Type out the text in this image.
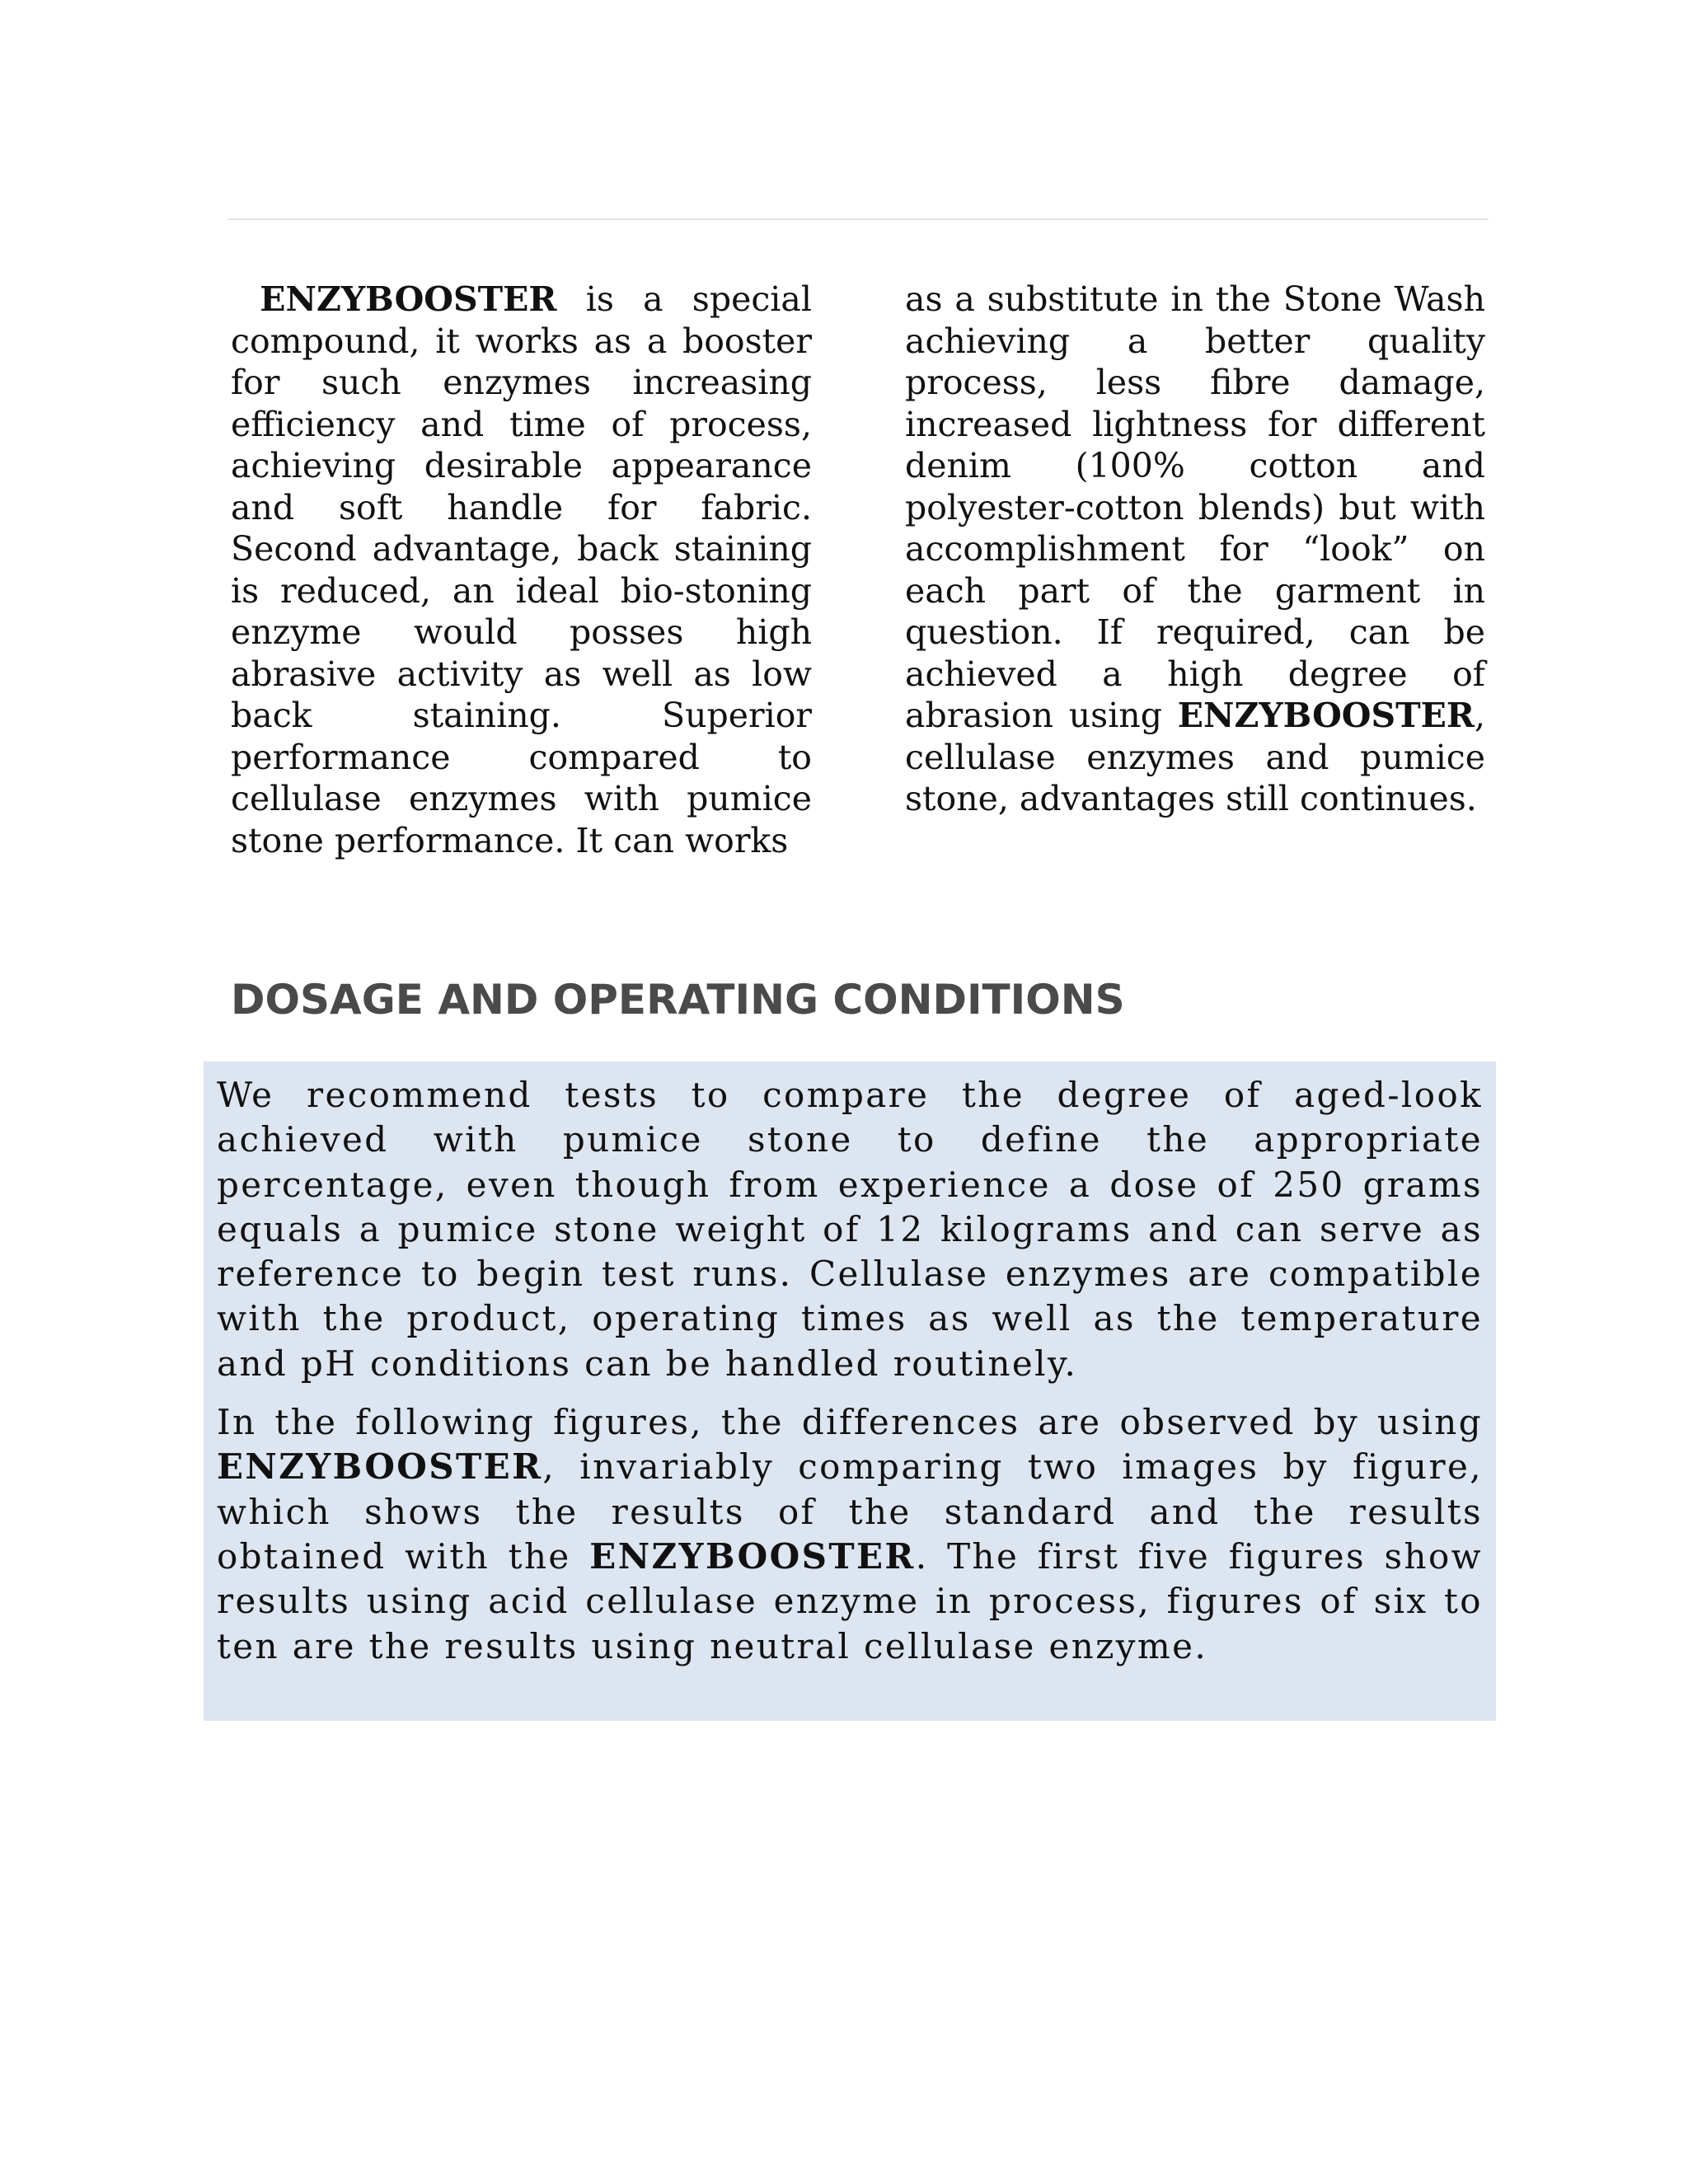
ENZYBOOSTER is a special compound, it works as a booster for such enzymes increasing efficiency and time of process, achieving desirable appearance and soft handle for fabric. Second advantage, back staining is reduced, an ideal bio-stoning enzyme would posses high abrasive activity as well as low back staining. Superior performance compared to cellulase enzymes with pumice stone performance. It can works
as a substitute in the Stone Wash achieving a better quality process, less fibre damage, increased lightness for different denim (100% cotton and polyester-cotton blends) but with accomplishment for “look” on each part of the garment in question. If required, can be achieved a high degree of abrasion using ENZYBOOSTER, cellulase enzymes and pumice stone, advantages still continues.
DOSAGE AND OPERATING CONDITIONS

We recommend tests to compare the degree of aged-look achieved with pumice stone to define the appropriate percentage, even though from experience a dose of 250 grams equals a pumice stone weight of 12 kilograms and can serve as reference to begin test runs. Cellulase enzymes are compatible with the product, operating times as well as the temperature and pH conditions can be handled routinely.

In the following figures, the differences are observed by using ENZYBOOSTER, invariably comparing two images by figure, which shows the results of the standard and the results obtained with the ENZYBOOSTER. The first five figures show results using acid cellulase enzyme in process, figures of six to ten are the results using neutral cellulase enzyme.
